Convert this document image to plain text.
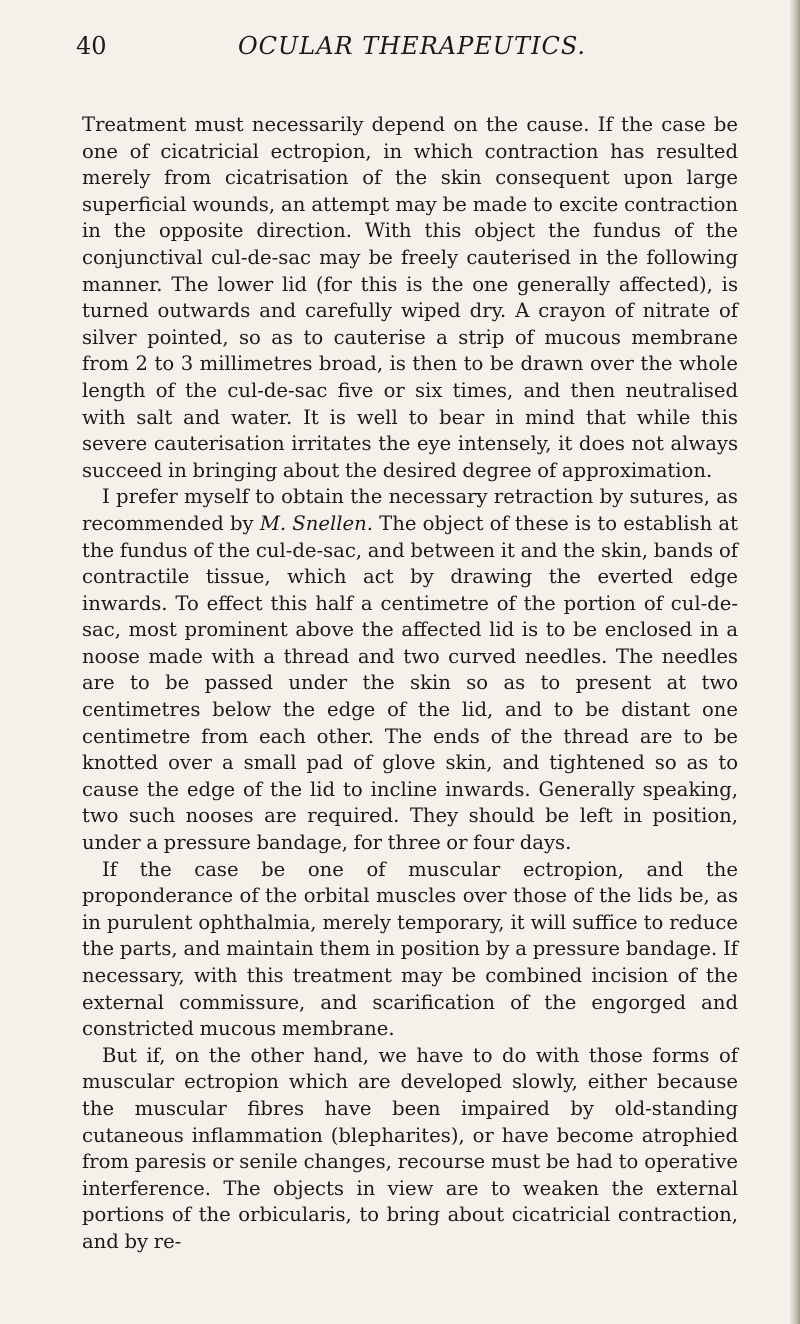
40	OCULAR THERAPEUTICS.

Treatment must necessarily depend on the cause. If the case be one of cicatricial ectropion, in which contraction has resulted merely from cicatrisation of the skin consequent upon large superficial wounds, an attempt may be made to excite contraction in the opposite direction. With this object the fundus of the conjunctival cul-de-sac may be freely cauterised in the following manner. The lower lid (for this is the one generally affected), is turned outwards and carefully wiped dry. A crayon of nitrate of silver pointed, so as to cauterise a strip of mucous membrane from 2 to 3 millimetres broad, is then to be drawn over the whole length of the cul-de-sac five or six times, and then neutralised with salt and water. It is well to bear in mind that while this severe cauterisation irritates the eye intensely, it does not always succeed in bringing about the desired degree of approximation.

I prefer myself to obtain the necessary retraction by sutures, as recommended by M. Snellen. The object of these is to establish at the fundus of the cul-de-sac, and between it and the skin, bands of contractile tissue, which act by drawing the everted edge inwards. To effect this half a centimetre of the portion of cul-de-sac, most prominent above the affected lid is to be enclosed in a noose made with a thread and two curved needles. The needles are to be passed under the skin so as to present at two centimetres below the edge of the lid, and to be distant one centimetre from each other. The ends of the thread are to be knotted over a small pad of glove skin, and tightened so as to cause the edge of the lid to incline inwards. Generally speaking, two such nooses are required. They should be left in position, under a pressure bandage, for three or four days.

If the case be one of muscular ectropion, and the proponderance of the orbital muscles over those of the lids be, as in purulent ophthalmia, merely temporary, it will suffice to reduce the parts, and maintain them in position by a pressure bandage. If necessary, with this treatment may be combined incision of the external commissure, and scarification of the engorged and constricted mucous membrane.

But if, on the other hand, we have to do with those forms of muscular ectropion which are developed slowly, either because the muscular fibres have been impaired by old-standing cutaneous inflammation (blepharites), or have become atrophied from paresis or senile changes, recourse must be had to operative interference. The objects in view are to weaken the external portions of the orbicularis, to bring about cicatricial contraction, and by re-
